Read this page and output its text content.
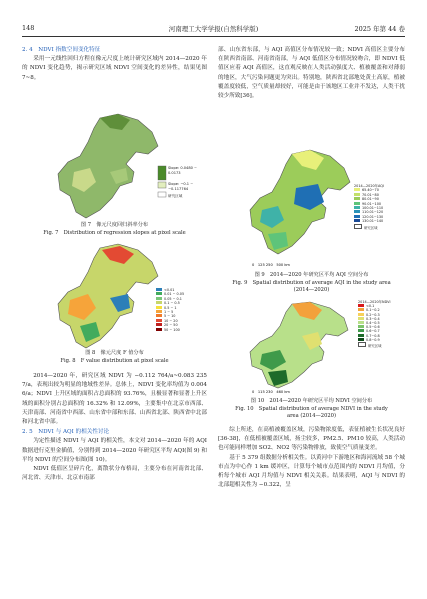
148	河南理工大学学报(自然科学版)	2025 年第 44 卷

2. 4　NDVI 指数空间变化特征

采用一元线性回归方程在像元尺度上统计研究区域内 2014—2020 年的 NDVI 变化趋势，揭示研究区域 NDVI 空间变化的差异性，结果见图 7~8。

Slope: 0.0480 ~ 0.0173
Slope: −0.1 ~ −0.117764
研究区域

图 7　像元尺度回归斜率分布

Fig. 7　Distribution of regression slopes at pixel scale

<0.01
0.01 ~ 0.05
0.05 ~ 0.1
0.1 ~ 0.5
0.5 ~ 1
1 ~ 5
5 ~ 10
10 ~ 20
20 ~ 50
50 ~ 100

图 8　像元尺度 F 值分布

Fig. 8　F value distribution at pixel scale

2014—2020 年，研究区域 NDVI 为 −0.112 764/a~0.083 235 7/a，表现出较为明显的地域性差异。总体上，NDVI 变化率均值为 0.004 6/a；NDVI 上升区域的面积占总面积的 93.76%，且极显著和显著上升区域的面积分别占总面积的 16.32% 和 12.09%，主要集中在北京市西部、天津南部、河南省中西部、山东省中部和东部、山西省北部、陕西省中北部和河北省中部。

2. 5　NDVI 与 AQI 的相关性讨论

为定性描述 NDVI 与 AQI 的相关性，本文对 2014—2020 年的 AQI 数据进行克里金插值，分别得到 2014—2020 年研究区平均 AQI(图 9) 和平均 NDVI 的空间分布图(图 10)。

NDVI 低值区呈碎片化，离散状分布格局，主要分布在河南省北部、河北省、天津市、北京市南部

部、山东省东部，与 AQI 高值区分布情况较一致；NDVI 高值区主要分布在陕西省南部、河南省南部，与 AQI 低值区分布情况较吻合，即 NDVI 低值区应着 AQI 高值区，这直观反映在人类活动强度大、植被覆盖和对薄弱的地区，大气污染问题更为突出。特别地，陕西省北部地处黄土高原，植被覆盖度较低，空气质量却较好，可能是由于该地区工业并不发达，人类干扰较少所致[36]。

0　125 250　500 km
2014—2020年AQI
65.40~70
70.01~80
80.01~90
90.01~100
100.01~110
110.01~120
120.01~130
130.01~140
研究区域

图 9　2014—2020 年研究区平均 AQI 空间分布

Fig. 9　Spatial distribution of average AQI in the study area

(2014—2020)

0　115 230　460 km
2014—2020年NDVI
<0.1
0.1~0.2
0.2~0.3
0.3~0.4
0.4~0.5
0.5~0.6
0.6~0.7
0.7~0.8
0.8~0.9
研究区域

图 10　2014—2020 年研究区平均 NDVI 空间分布

Fig. 10　Spatial distribution of average NDVI in the study

area (2014—2020)

综上所述，在高植被覆盖区域，污染物浓度低，表征植被生长状况良好[36-38]，在低植被覆盖区域，扬尘较多，PM2.5、PM10 较高，人类活动也可能同样增加 SO2、NO2 等污染物排放，致使空气质量变差。

基于 5 379 组数据分析相关性。以黄河中下游地区和海河流域 58 个城市点为中心作 1 km 缓冲区，计算每个城市点范围内的 NDVI 月均值，分析每个城市 AQI 月均值与 NDVI 相关关系。结果表明，AQI 与 NDVI 的北部超相关性为 −0.322，呈
